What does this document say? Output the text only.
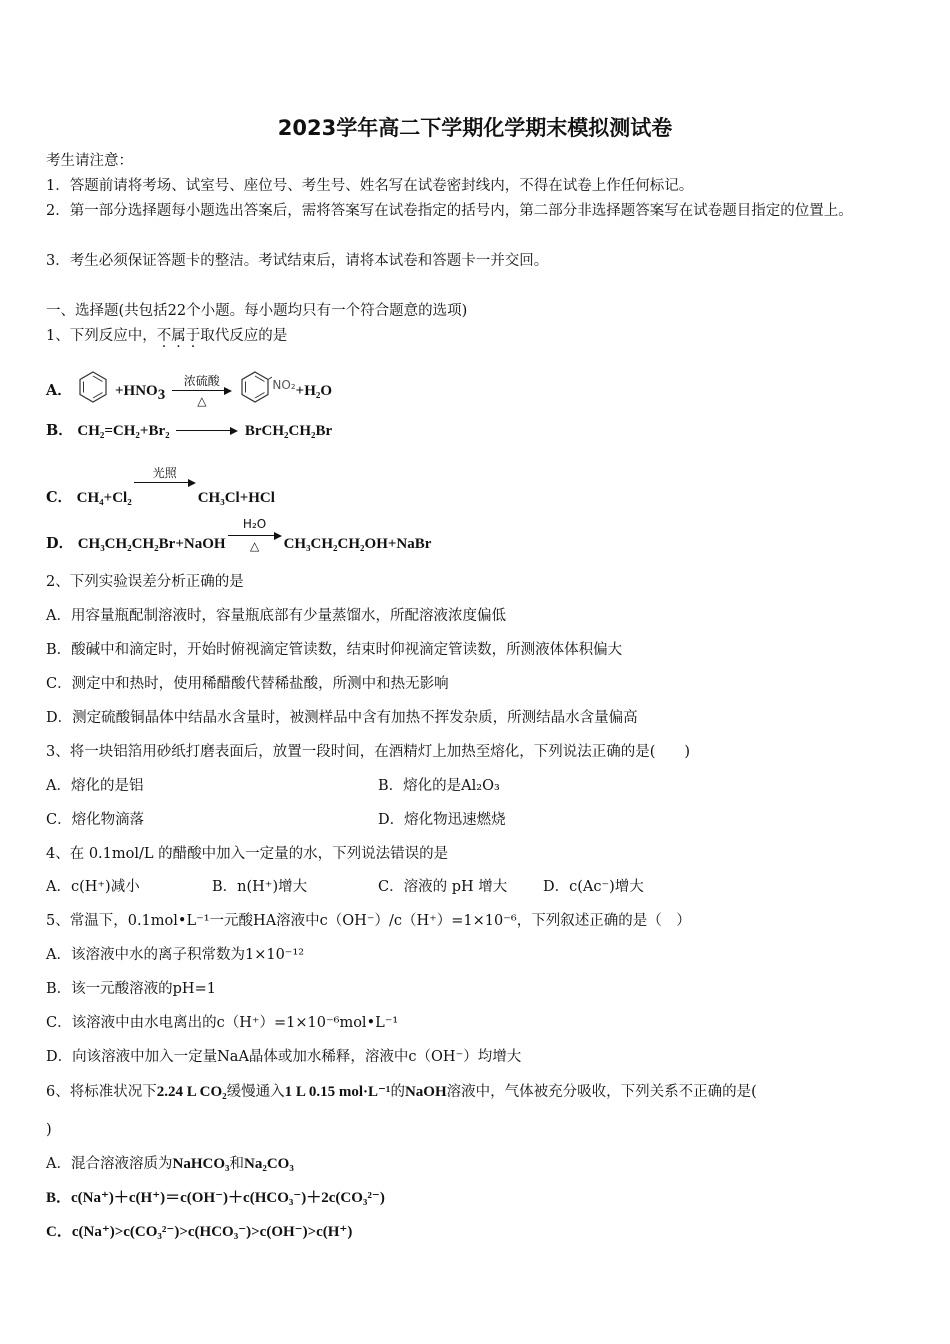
2023学年高二下学期化学期末模拟测试卷
考生请注意：
1．答题前请将考场、试室号、座位号、考生号、姓名写在试卷密封线内，不得在试卷上作任何标记。
2．第一部分选择题每小题选出答案后，需将答案写在试卷指定的括号内，第二部分非选择题答案写在试卷题目指定的位置上。
3．考生必须保证答题卡的整洁。考试结束后，请将本试卷和答题卡一并交回。
一、选择题(共包括22个小题。每小题均只有一个符合题意的选项)
1、下列反应中，不属于取代反应的是
A．	$+HNO_3$
浓硫酸
△
$^{NO_2}$+H₂O
B． CH₂=CH₂+Br₂	BrCH₂CH₂Br
C． CH₄+Cl₂
光照
CH₃Cl+HCl
D． CH₃CH₂CH₂Br+NaOH
H₂O
△	CH₃CH₂CH₂OH+NaBr
2、下列实验误差分析正确的是
A．用容量瓶配制溶液时，容量瓶底部有少量蒸馏水，所配溶液浓度偏低
B．酸碱中和滴定时，开始时俯视滴定管读数，结束时仰视滴定管读数，所测液体体积偏大
C．测定中和热时，使用稀醋酸代替稀盐酸，所测中和热无影响
D．测定硫酸铜晶体中结晶水含量时，被测样品中含有加热不挥发杂质，所测结晶水含量偏高
3、将一块铝箔用砂纸打磨表面后，放置一段时间，在酒精灯上加热至熔化，下列说法正确的是(　　)
A．熔化的是铝	B．熔化的是Al₂O₃
C．熔化物滴落	D．熔化物迅速燃烧
4、在 0.1mol/L 的醋酸中加入一定量的水，下列说法错误的是
A．c(H⁺)减小	B．n(H⁺)增大	C．溶液的 pH 增大 D．c(Ac⁻)增大
5、常温下，0.1mol•L⁻¹一元酸HA溶液中c（OH⁻）/c（H⁺）=1×10⁻⁶，下列叙述正确的是（　）
A．该溶液中水的离子积常数为1×10⁻¹²
B．该一元酸溶液的pH=1
C．该溶液中由水电离出的c（H⁺）=1×10⁻⁶mol•L⁻¹
D．向该溶液中加入一定量NaA晶体或加水稀释，溶液中c（OH⁻）均增大
6、将标准状况下2.24 L CO₂缓慢通入1 L 0.15 mol·L⁻¹的NaOH溶液中，气体被充分吸收，下列关系不正确的是(
)
A．混合溶液溶质为NaHCO₃和Na₂CO₃
B．c(Na⁺)＋c(H⁺)＝c(OH⁻)＋c(HCO₃⁻)＋2c(CO₃²⁻)
C．c(Na⁺)>c(CO₃²⁻)>c(HCO₃⁻)>c(OH⁻)>c(H⁺)
